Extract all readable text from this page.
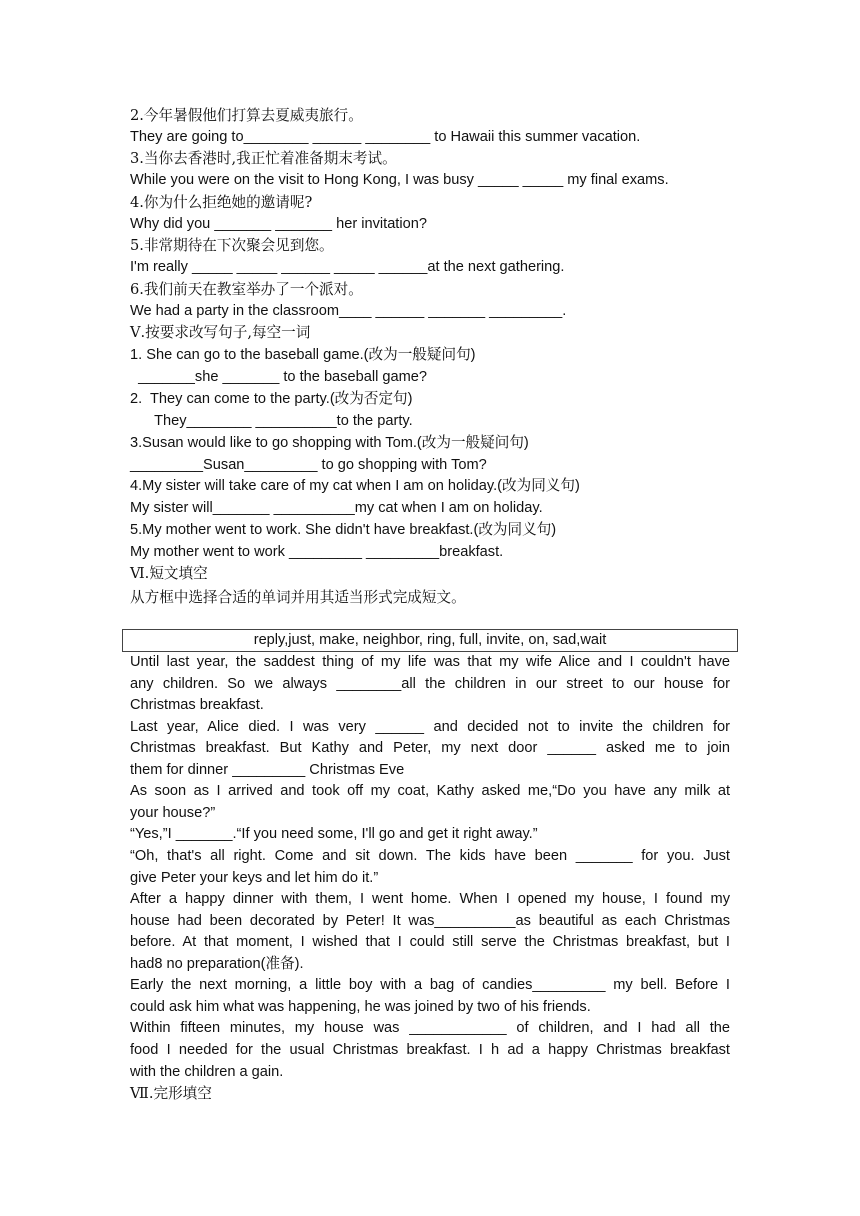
2.今年暑假他们打算去夏威夷旅行。
They are going to________ ______ ________ to Hawaii this summer vacation.
3.当你去香港时,我正忙着准备期末考试。
While you were on the visit to Hong Kong, I was busy _____ _____ my final exams.
4.你为什么拒绝她的邀请呢?
Why did you _______ _______ her invitation?
5.非常期待在下次聚会见到您。
I'm really _____ _____ ______ _____ ______at the next gathering.
6.我们前天在教室举办了一个派对。
We had a party in the classroom____ ______ _______ _________.
Ⅴ.按要求改写句子,每空一词
1. She can go to the baseball game.(改为一般疑问句)
_______she _______ to the baseball game?
2.  They can come to the party.(改为否定句)
They________ __________to the party.
3.Susan would like to go shopping with Tom.(改为一般疑问句)
_________Susan_________ to go shopping with Tom?
4.My sister will take care of my cat when I am on holiday.(改为同义句)
My sister will_______ __________my cat when I am on holiday.
5.My mother went to work. She didn't have breakfast.(改为同义句)
My mother went to work _________ _________breakfast.
Ⅵ.短文填空
从方框中选择合适的单词并用其适当形式完成短文。
reply,just, make, neighbor, ring, full, invite, on, sad,wait
Until last year, the saddest thing of my life was that my wife Alice and I couldn't have
any children. So we always ________all the children in our street to our house for
Christmas breakfast.
Last year, Alice died. I was very ______ and decided not to invite the children for
Christmas breakfast. But Kathy and Peter, my next door ______ asked me to join
them for dinner _________ Christmas Eve
As soon as I arrived and took off my coat, Kathy asked me,“Do you have any milk at
your house?”
“Yes,”I _______.“If you need some, I'll go and get it right away.”
“Oh, that's all right. Come and sit down. The kids have been _______ for you. Just
give Peter your keys and let him do it.”
After a happy dinner with them, I went home. When I opened my house, I found my
house had been decorated by Peter! It was__________as beautiful as each Christmas
before. At that moment, I wished that I could still serve the Christmas breakfast, but I
had8 no preparation(准备).
Early the next morning, a little boy with a bag of candies_________ my bell. Before I
could ask him what was happening, he was joined by two of his friends.
Within fifteen minutes, my house was ____________ of children, and I had all the
food I needed for the usual Christmas breakfast. I h ad a happy Christmas breakfast
with the children a gain.
Ⅶ.完形填空
